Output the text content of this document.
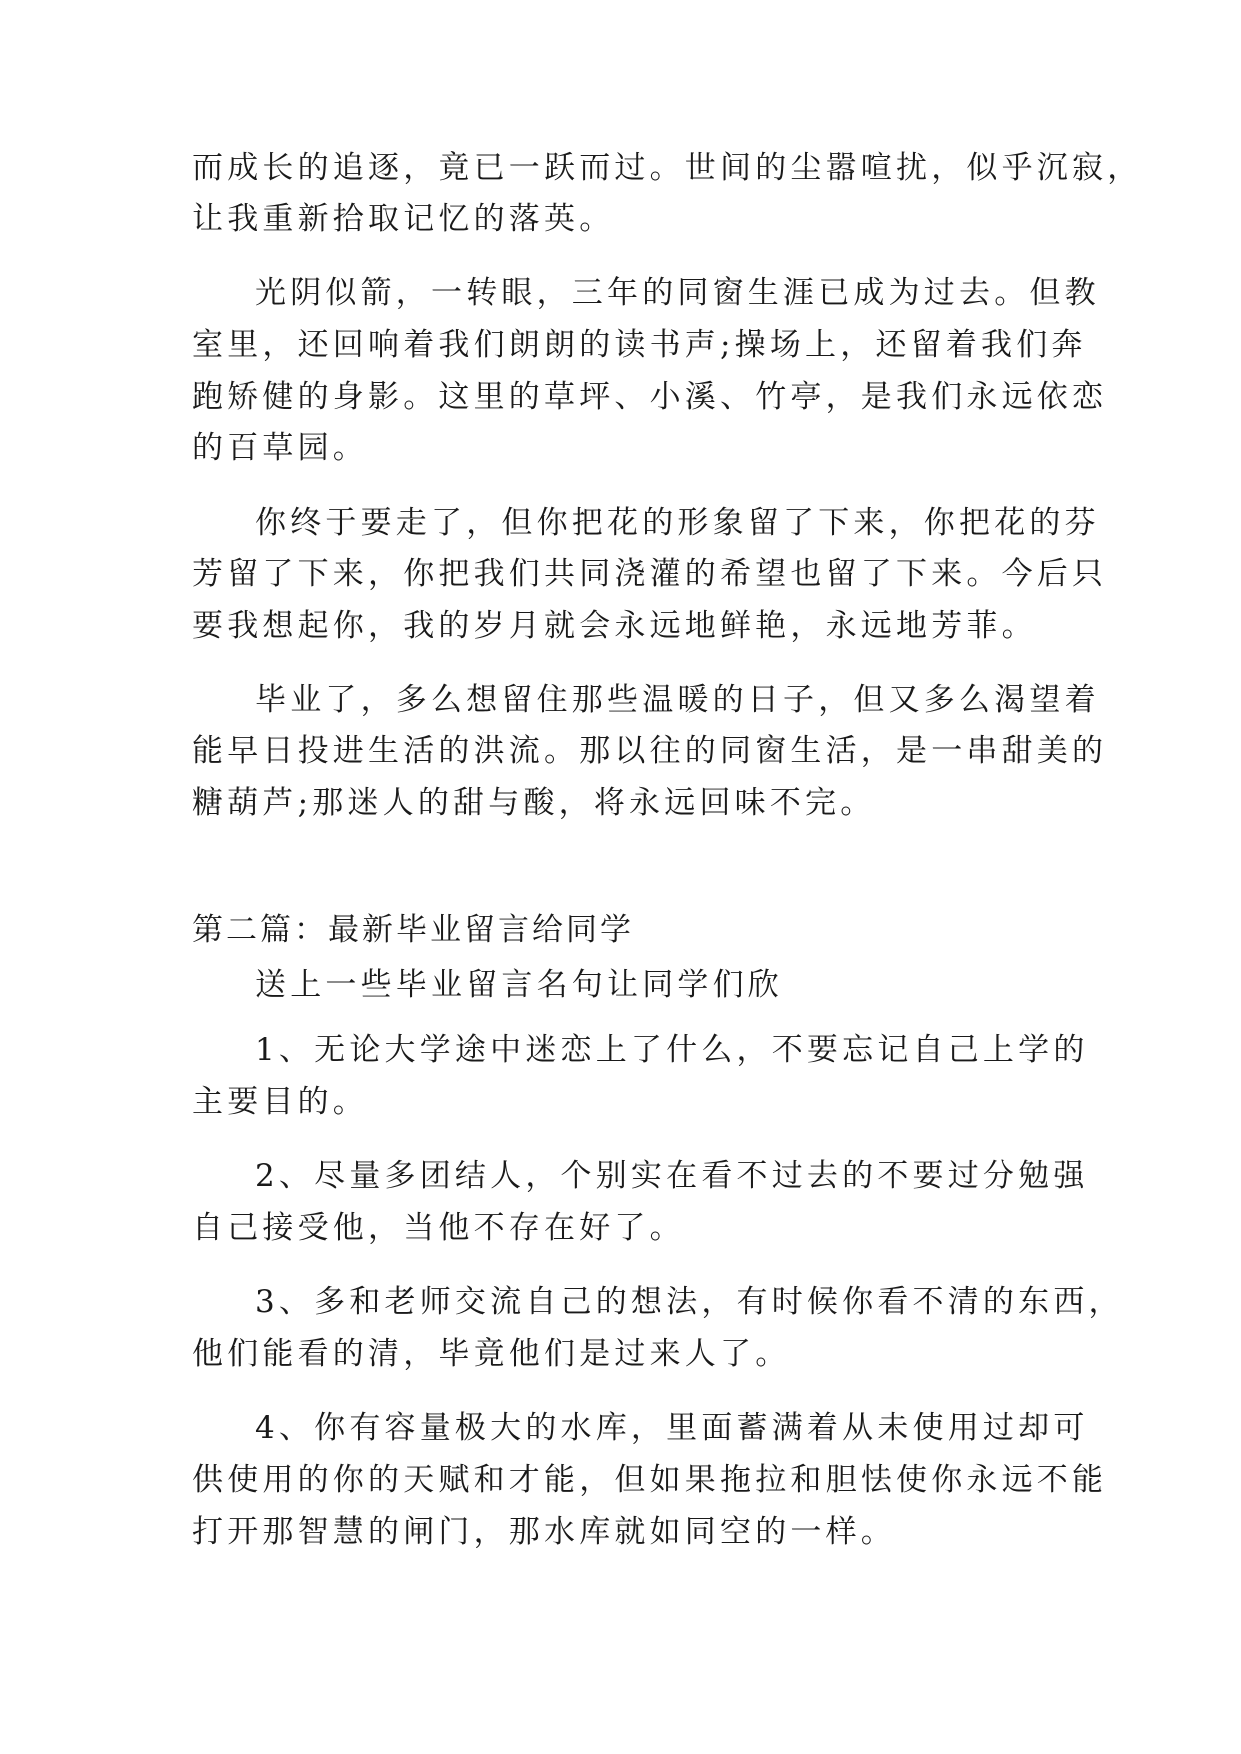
而成长的追逐，竟已一跃而过。世间的尘嚣喧扰，似乎沉寂，
让我重新拾取记忆的落英。
光阴似箭，一转眼，三年的同窗生涯已成为过去。但教
室里，还回响着我们朗朗的读书声;操场上，还留着我们奔
跑矫健的身影。这里的草坪、小溪、竹亭，是我们永远依恋
的百草园。
你终于要走了，但你把花的形象留了下来，你把花的芬
芳留了下来，你把我们共同浇灌的希望也留了下来。今后只
要我想起你，我的岁月就会永远地鲜艳，永远地芳菲。
毕业了，多么想留住那些温暖的日子，但又多么渴望着
能早日投进生活的洪流。那以往的同窗生活，是一串甜美的
糖葫芦;那迷人的甜与酸，将永远回味不完。
第二篇：最新毕业留言给同学
送上一些毕业留言名句让同学们欣
1、无论大学途中迷恋上了什么，不要忘记自己上学的
主要目的。
2、尽量多团结人，个别实在看不过去的不要过分勉强
自己接受他，当他不存在好了。
3、多和老师交流自己的想法，有时候你看不清的东西，
他们能看的清，毕竟他们是过来人了。
4、你有容量极大的水库，里面蓄满着从未使用过却可
供使用的你的天赋和才能，但如果拖拉和胆怯使你永远不能
打开那智慧的闸门，那水库就如同空的一样。
